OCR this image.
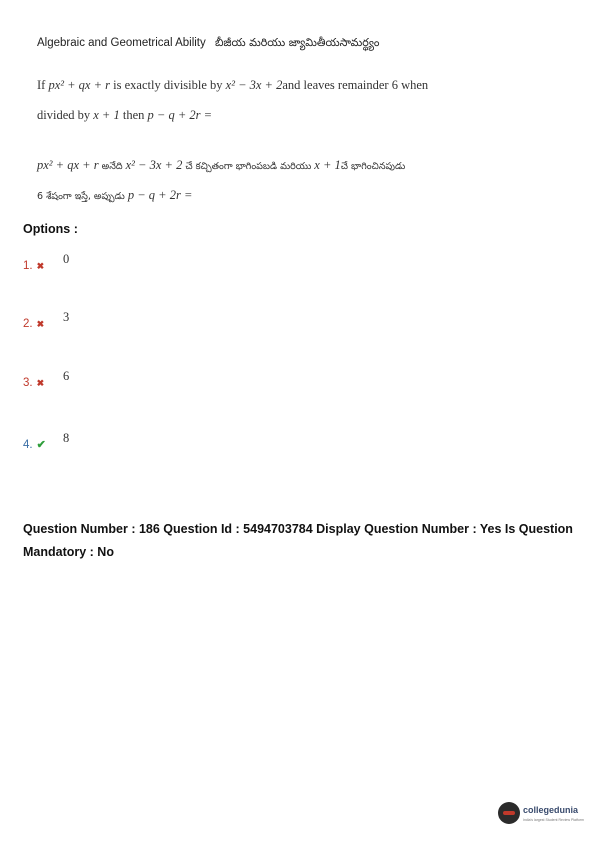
Algebraic and Geometrical Ability బీజీయ మరియు జ్యామితీయసామర్థ్యం
If px² + qx + r is exactly divisible by x² − 3x + 2and leaves remainder 6 when
divided by x + 1 then p − q + 2r =
px² + qx + r అనేది x² − 3x + 2 చే కచ్చితంగా భాగింపబడి మరియు x + 1చే భాగించినపుడు
6 శేషంగా ఇస్తే, అప్పుడు p − q + 2r =
Options :
1. ✖ 0
2. ✖ 3
3. ✖ 6
4. ✔ 8
Question Number : 186 Question Id : 5494703784 Display Question Number : Yes Is Question Mandatory : No
collegedunia
India's largest Student Review Platform
